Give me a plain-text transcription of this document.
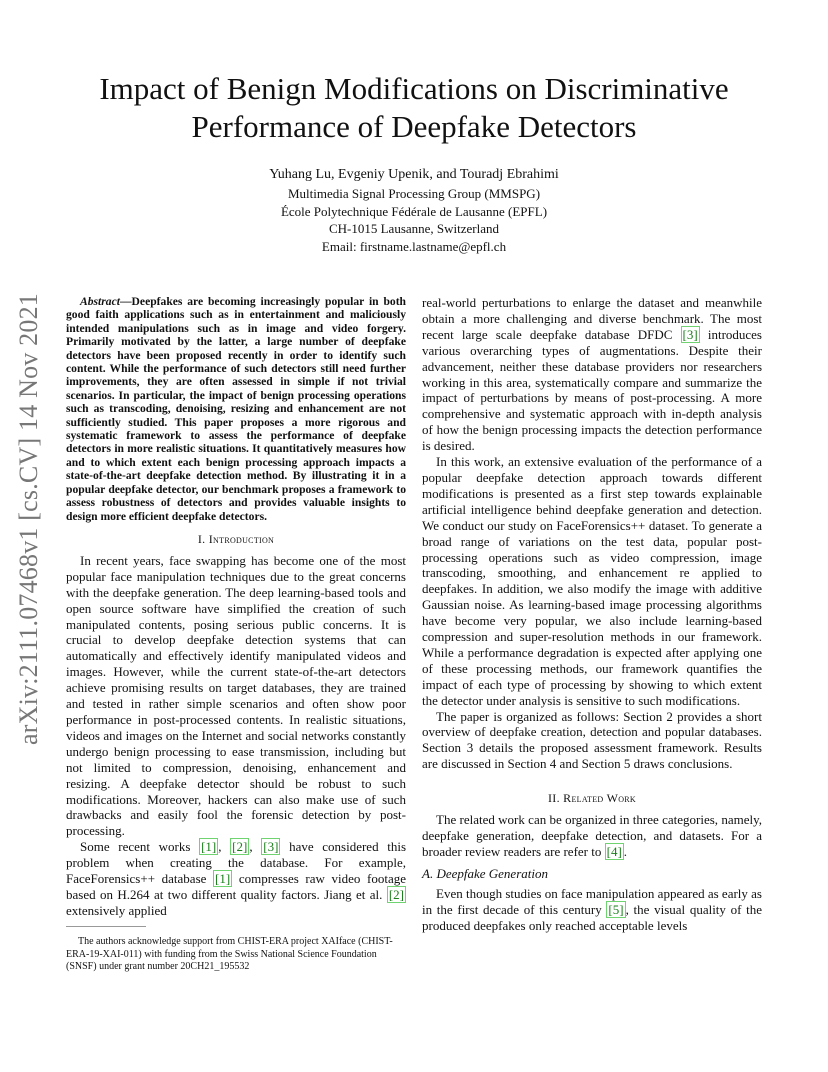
Impact of Benign Modifications on Discriminative
Performance of Deepfake Detectors
Yuhang Lu, Evgeniy Upenik, and Touradj Ebrahimi
Multimedia Signal Processing Group (MMSPG)
École Polytechnique Fédérale de Lausanne (EPFL)
CH-1015 Lausanne, Switzerland
Email: firstname.lastname@epfl.ch
arXiv:2111.07468v1 [cs.CV] 14 Nov 2021	Abstract—Deepfakes are becoming increasingly popular in both good faith applications such as in entertainment and maliciously intended manipulations such as in image and video forgery. Primarily motivated by the latter, a large number of deepfake detectors have been proposed recently in order to identify such content. While the performance of such detectors still need further improvements, they are often assessed in simple if not trivial scenarios. In particular, the impact of benign processing operations such as transcoding, denoising, resizing and enhancement are not sufficiently studied. This paper proposes a more rigorous and systematic framework to assess the performance of deepfake detectors in more realistic situations. It quantitatively measures how and to which extent each benign processing approach impacts a state-of-the-art deepfake detection method. By illustrating it in a popular deepfake detector, our benchmark proposes a framework to assess robustness of detectors and provides valuable insights to design more efficient deepfake detectors.

I. Introduction

In recent years, face swapping has become one of the most popular face manipulation techniques due to the great concerns with the deepfake generation. The deep learning-based tools and open source software have simplified the creation of such manipulated contents, posing serious public concerns. It is crucial to develop deepfake detection systems that can automatically and effectively identify manipulated videos and images. However, while the current state-of-the-art detectors achieve promising results on target databases, they are trained and tested in rather simple scenarios and often show poor performance in post-processed contents. In realistic situations, videos and images on the Internet and social networks constantly undergo benign processing to ease transmission, including but not limited to compression, denoising, enhancement and resizing. A deepfake detector should be robust to such modifications. Moreover, hackers can also make use of such drawbacks and easily fool the forensic detection by post-processing.

Some recent works [1] , [2] , [3] have considered this problem when creating the database. For example, FaceForensics++ database [1] compresses raw video footage based on H.264 at two different quality factors. Jiang et al. [2] extensively applied

The authors acknowledge support from CHIST-ERA project XAIface (CHIST-ERA-19-XAI-011) with funding from the Swiss National Science Foundation (SNSF) under grant number 20CH21_195532

real-world perturbations to enlarge the dataset and meanwhile obtain a more challenging and diverse benchmark. The most recent large scale deepfake database DFDC [3] introduces various overarching types of augmentations. Despite their advancement, neither these database providers nor researchers working in this area, systematically compare and summarize the impact of perturbations by means of post-processing. A more comprehensive and systematic approach with in-depth analysis of how the benign processing impacts the detection performance is desired.

In this work, an extensive evaluation of the performance of a popular deepfake detection approach towards different modifications is presented as a first step towards explainable artificial intelligence behind deepfake generation and detection. We conduct our study on FaceForensics++ dataset. To generate a broad range of variations on the test data, popular post-processing operations such as video compression, image transcoding, smoothing, and enhancement re applied to deepfakes. In addition, we also modify the image with additive Gaussian noise. As learning-based image processing algorithms have become very popular, we also include learning-based compression and super-resolution methods in our framework. While a performance degradation is expected after applying one of these processing methods, our framework quantifies the impact of each type of processing by showing to which extent the detector under analysis is sensitive to such modifications.

The paper is organized as follows: Section 2 provides a short overview of deepfake creation, detection and popular databases. Section 3 details the proposed assessment framework. Results are discussed in Section 4 and Section 5 draws conclusions.

II. Related Work

The related work can be organized in three categories, namely, deepfake generation, deepfake detection, and datasets. For a broader review readers are refer to [4] .

A. Deepfake Generation

Even though studies on face manipulation appeared as early as in the first decade of this century [5] , the visual quality of the produced deepfakes only reached acceptable levels
